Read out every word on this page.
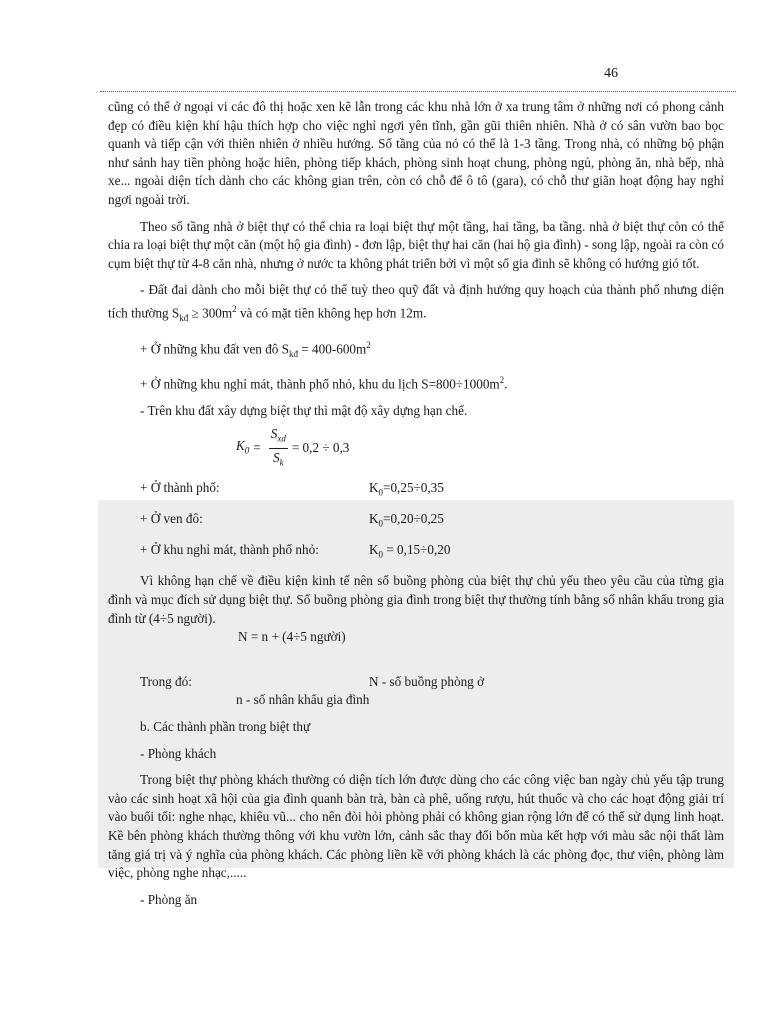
46

cũng có thể ở ngoại vi các đô thị hoặc xen kẽ lẫn trong các khu nhà lớn ở xa trung tâm ở những nơi có phong cảnh đẹp có điều kiện khí hậu thích hợp cho việc nghỉ ngơi yên tĩnh, gần gũi thiên nhiên. Nhà ở có sân vườn bao bọc quanh và tiếp cận với thiên nhiên ở nhiều hướng. Số tầng của nó có thể là 1-3 tầng. Trong nhà, có những bộ phận như sảnh hay tiền phòng hoặc hiên, phòng tiếp khách, phòng sinh hoạt chung, phòng ngủ, phòng ăn, nhà bếp, nhà xe... ngoài diện tích dành cho các không gian trên, còn có chỗ để ô tô (gara), có chỗ thư giãn hoạt động hay nghỉ ngơi ngoài trời.

Theo số tầng nhà ở biệt thự có thể chia ra loại biệt thự một tầng, hai tầng, ba tầng. nhà ở biệt thự còn có thể chia ra loại biệt thự một căn (một hộ gia đình) - đơn lập, biệt thự hai căn (hai hộ gia đình) - song lập, ngoài ra còn có cụm biệt thự từ 4-8 căn nhà, nhưng ở nước ta không phát triển bởi vì một số gia đình sẽ không có hướng gió tốt.

- Đất đai dành cho mỗi biệt thự có thể tuỳ theo quỹ đất và định hướng quy hoạch của thành phố nhưng diện tích thường $S_{kđ} \ge 300m^2$ và có mặt tiền không hẹp hơn 12m.

+ Ở những khu đất ven đô $S_{kđ} = 400-600m^2$

+ Ở những khu nghỉ mát, thành phố nhỏ, khu du lịch $S=800\div 1000m^2$.

- Trên khu đất xây dựng biệt thự thì mật độ xây dựng hạn chế.

$K_0 = \frac{S_{xd}}{S_k} = 0,2 \div 0,3$
+ Ở thành phố:	$K_0=0,25\div 0,35$
+ Ở ven đô:	$K_0=0,20\div 0,25$
+ Ở khu nghỉ mát, thành phố nhỏ:	$K_0 = 0,15\div 0,20$

Vì không hạn chế về điều kiện kinh tế nên số buồng phòng của biệt thự chủ yếu theo yêu cầu của từng gia đình và mục đích sử dụng biệt thự. Số buồng phòng gia đình trong biệt thự thường tính bằng số nhân khẩu trong gia đình từ (4÷5 người).

N = n + (4÷5 người)

Trong đó:	N - số buồng phòng ở

n - số nhân khẩu gia đình

b. Các thành phần trong biệt thự

- Phòng khách

Trong biệt thự phòng khách thường có diện tích lớn được dùng cho các công việc ban ngày chủ yếu tập trung vào các sinh hoạt xã hội của gia đình quanh bàn trà, bàn cà phê, uống rượu, hút thuốc và cho các hoạt động giải trí vào buổi tối: nghe nhạc, khiêu vũ... cho nên đòi hỏi phòng phải có không gian rộng lớn để có thể sử dụng linh hoạt. Kề bên phòng khách thường thông với khu vườn lớn, cảnh sắc thay đổi bốn mùa kết hợp với màu sắc nội thất làm tăng giá trị và ý nghĩa của phòng khách. Các phòng liền kề với phòng khách là các phòng đọc, thư viện, phòng làm việc, phòng nghe nhạc,.....

- Phòng ăn
